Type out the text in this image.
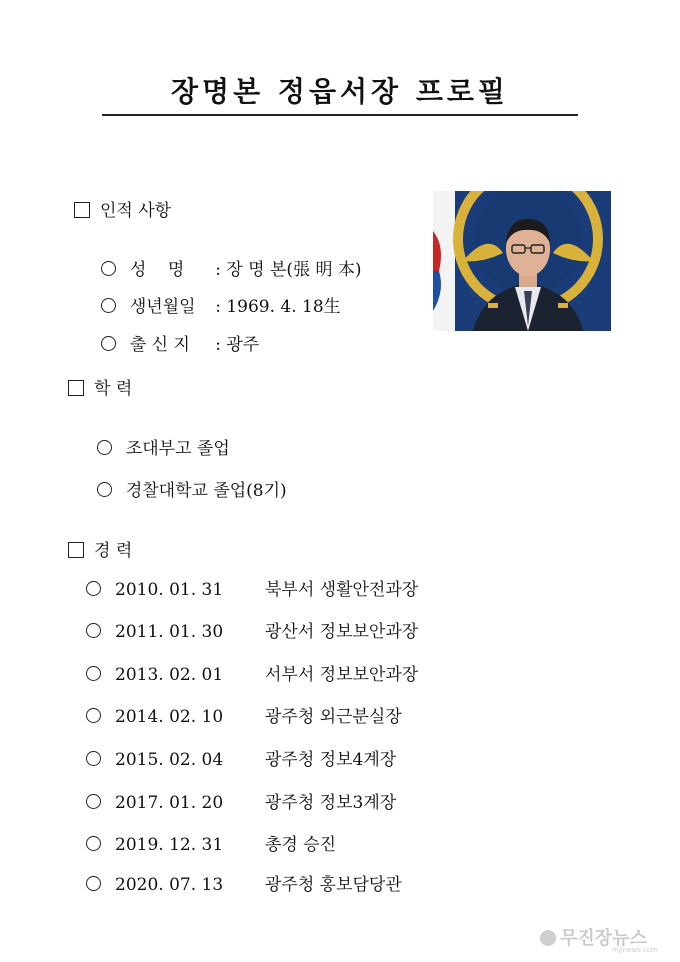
장명본 정읍서장 프로필
인적 사항

성    명 : 장 명 본(張 明 本)

생년월일 : 1969. 4. 18生

출 신 지 : 광주

학 력

조대부고 졸업

경찰대학교 졸업(8기)

경 력
2010. 01. 31 북부서 생활안전과장
2011. 01. 30 광산서 정보보안과장
2013. 02. 01 서부서 정보보안과장
2014. 02. 10 광주청 외근분실장
2015. 02. 04 광주청 정보4계장
2017. 01. 20 광주청 정보3계장
2019. 12. 31 총경 승진
2020. 07. 13 광주청 홍보담당관
무진장뉴스
mjjnews.com
